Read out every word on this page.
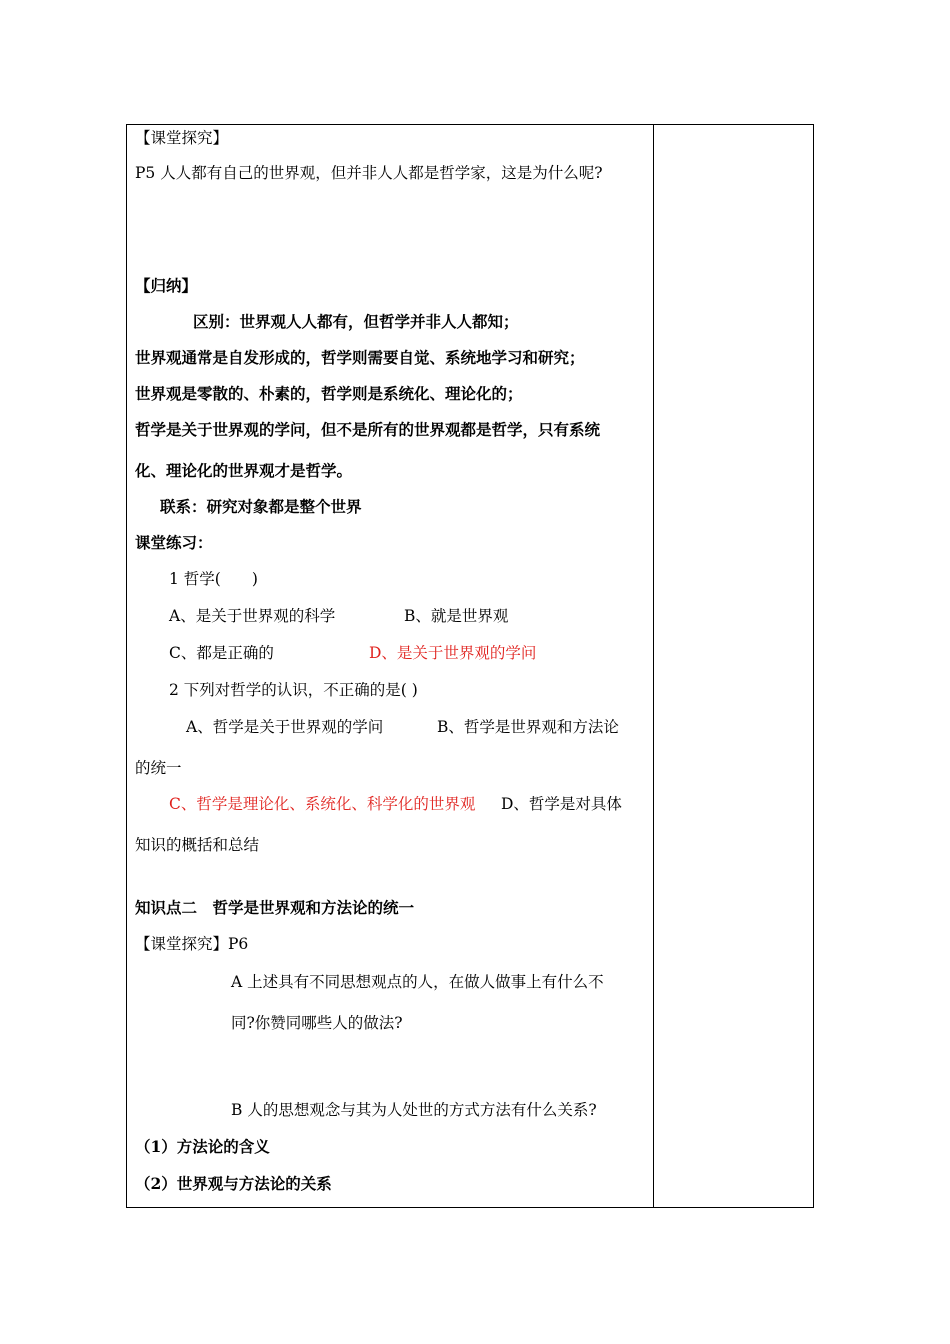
【课堂探究】
P5 人人都有自己的世界观，但并非人人都是哲学家，这是为什么呢?
【归纳】
区别：世界观人人都有，但哲学并非人人都知；
世界观通常是自发形成的，哲学则需要自觉、系统地学习和研究；
世界观是零散的、朴素的，哲学则是系统化、理论化的；
哲学是关于世界观的学问，但不是所有的世界观都是哲学，只有系统
化、理论化的世界观才是哲学。
联系：研究对象都是整个世界
课堂练习：
1 哲学(　　)
A、是关于世界观的科学	B、就是世界观
C、都是正确的	D、是关于世界观的学问
2 下列对哲学的认识，不正确的是( )
A、哲学是关于世界观的学问	B、哲学是世界观和方法论
的统一
C、哲学是理论化、系统化、科学化的世界观 D、哲学是对具体
知识的概括和总结
知识点二　哲学是世界观和方法论的统一
【课堂探究】P6
A 上述具有不同思想观点的人，在做人做事上有什么不
同?你赞同哪些人的做法?
B 人的思想观念与其为人处世的方式方法有什么关系?
（1）方法论的含义
（2）世界观与方法论的关系
